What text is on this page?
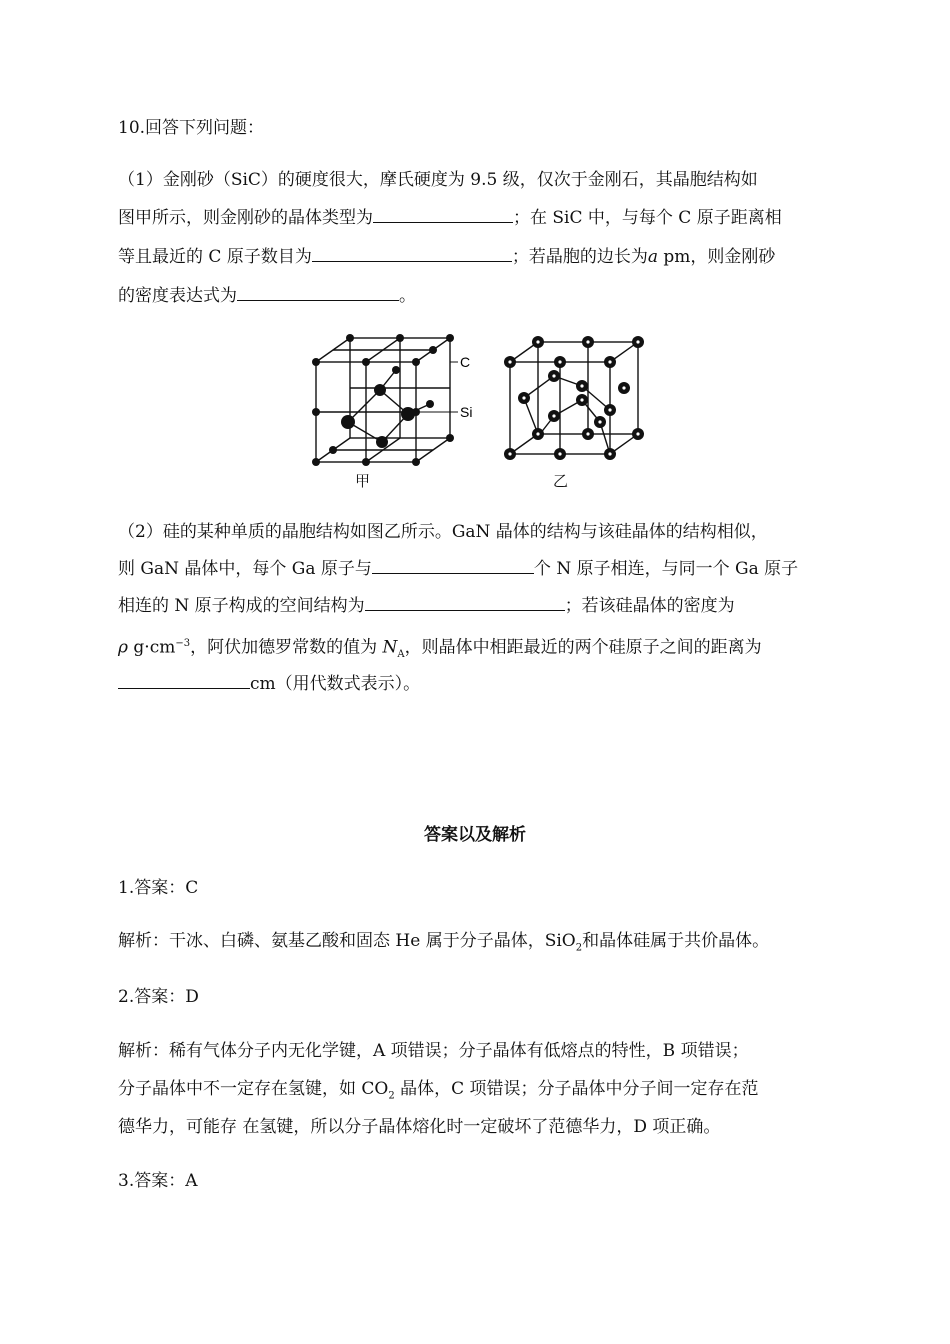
10.回答下列问题：
（1）金刚砂（SiC）的硬度很大，摩氏硬度为 9.5 级，仅次于金刚石，其晶胞结构如
图甲所示，则金刚砂的晶体类型为	；在 SiC 中，与每个 C 原子距离相
等且最近的 C 原子数目为	；若晶胞的边长为a pm，则金刚砂
的密度表达式为	。
C
Si
甲	乙
（2）硅的某种单质的晶胞结构如图乙所示。GaN 晶体的结构与该硅晶体的结构相似，
则 GaN 晶体中，每个 Ga 原子与	个 N 原子相连，与同一个 Ga 原子
相连的 N 原子构成的空间结构为	；若该硅晶体的密度为
ρ $g\cdot cm^{-3}$，阿伏加德罗常数的值为 $N_A$，则晶体中相距最近的两个硅原子之间的距离为
cm（用代数式表示）。
答案以及解析
1.答案：C
解析：干冰、白磷、氨基乙酸和固态 He 属于分子晶体，SiO$_2$和晶体硅属于共价晶体。
2.答案：D
解析：稀有气体分子内无化学键，A 项错误；分子晶体有低熔点的特性，B 项错误；
分子晶体中不一定存在氢键，如 $CO_2$ 晶体，C 项错误；分子晶体中分子间一定存在范
德华力，可能存 在氢键，所以分子晶体熔化时一定破坏了范德华力，D 项正确。
3.答案：A
